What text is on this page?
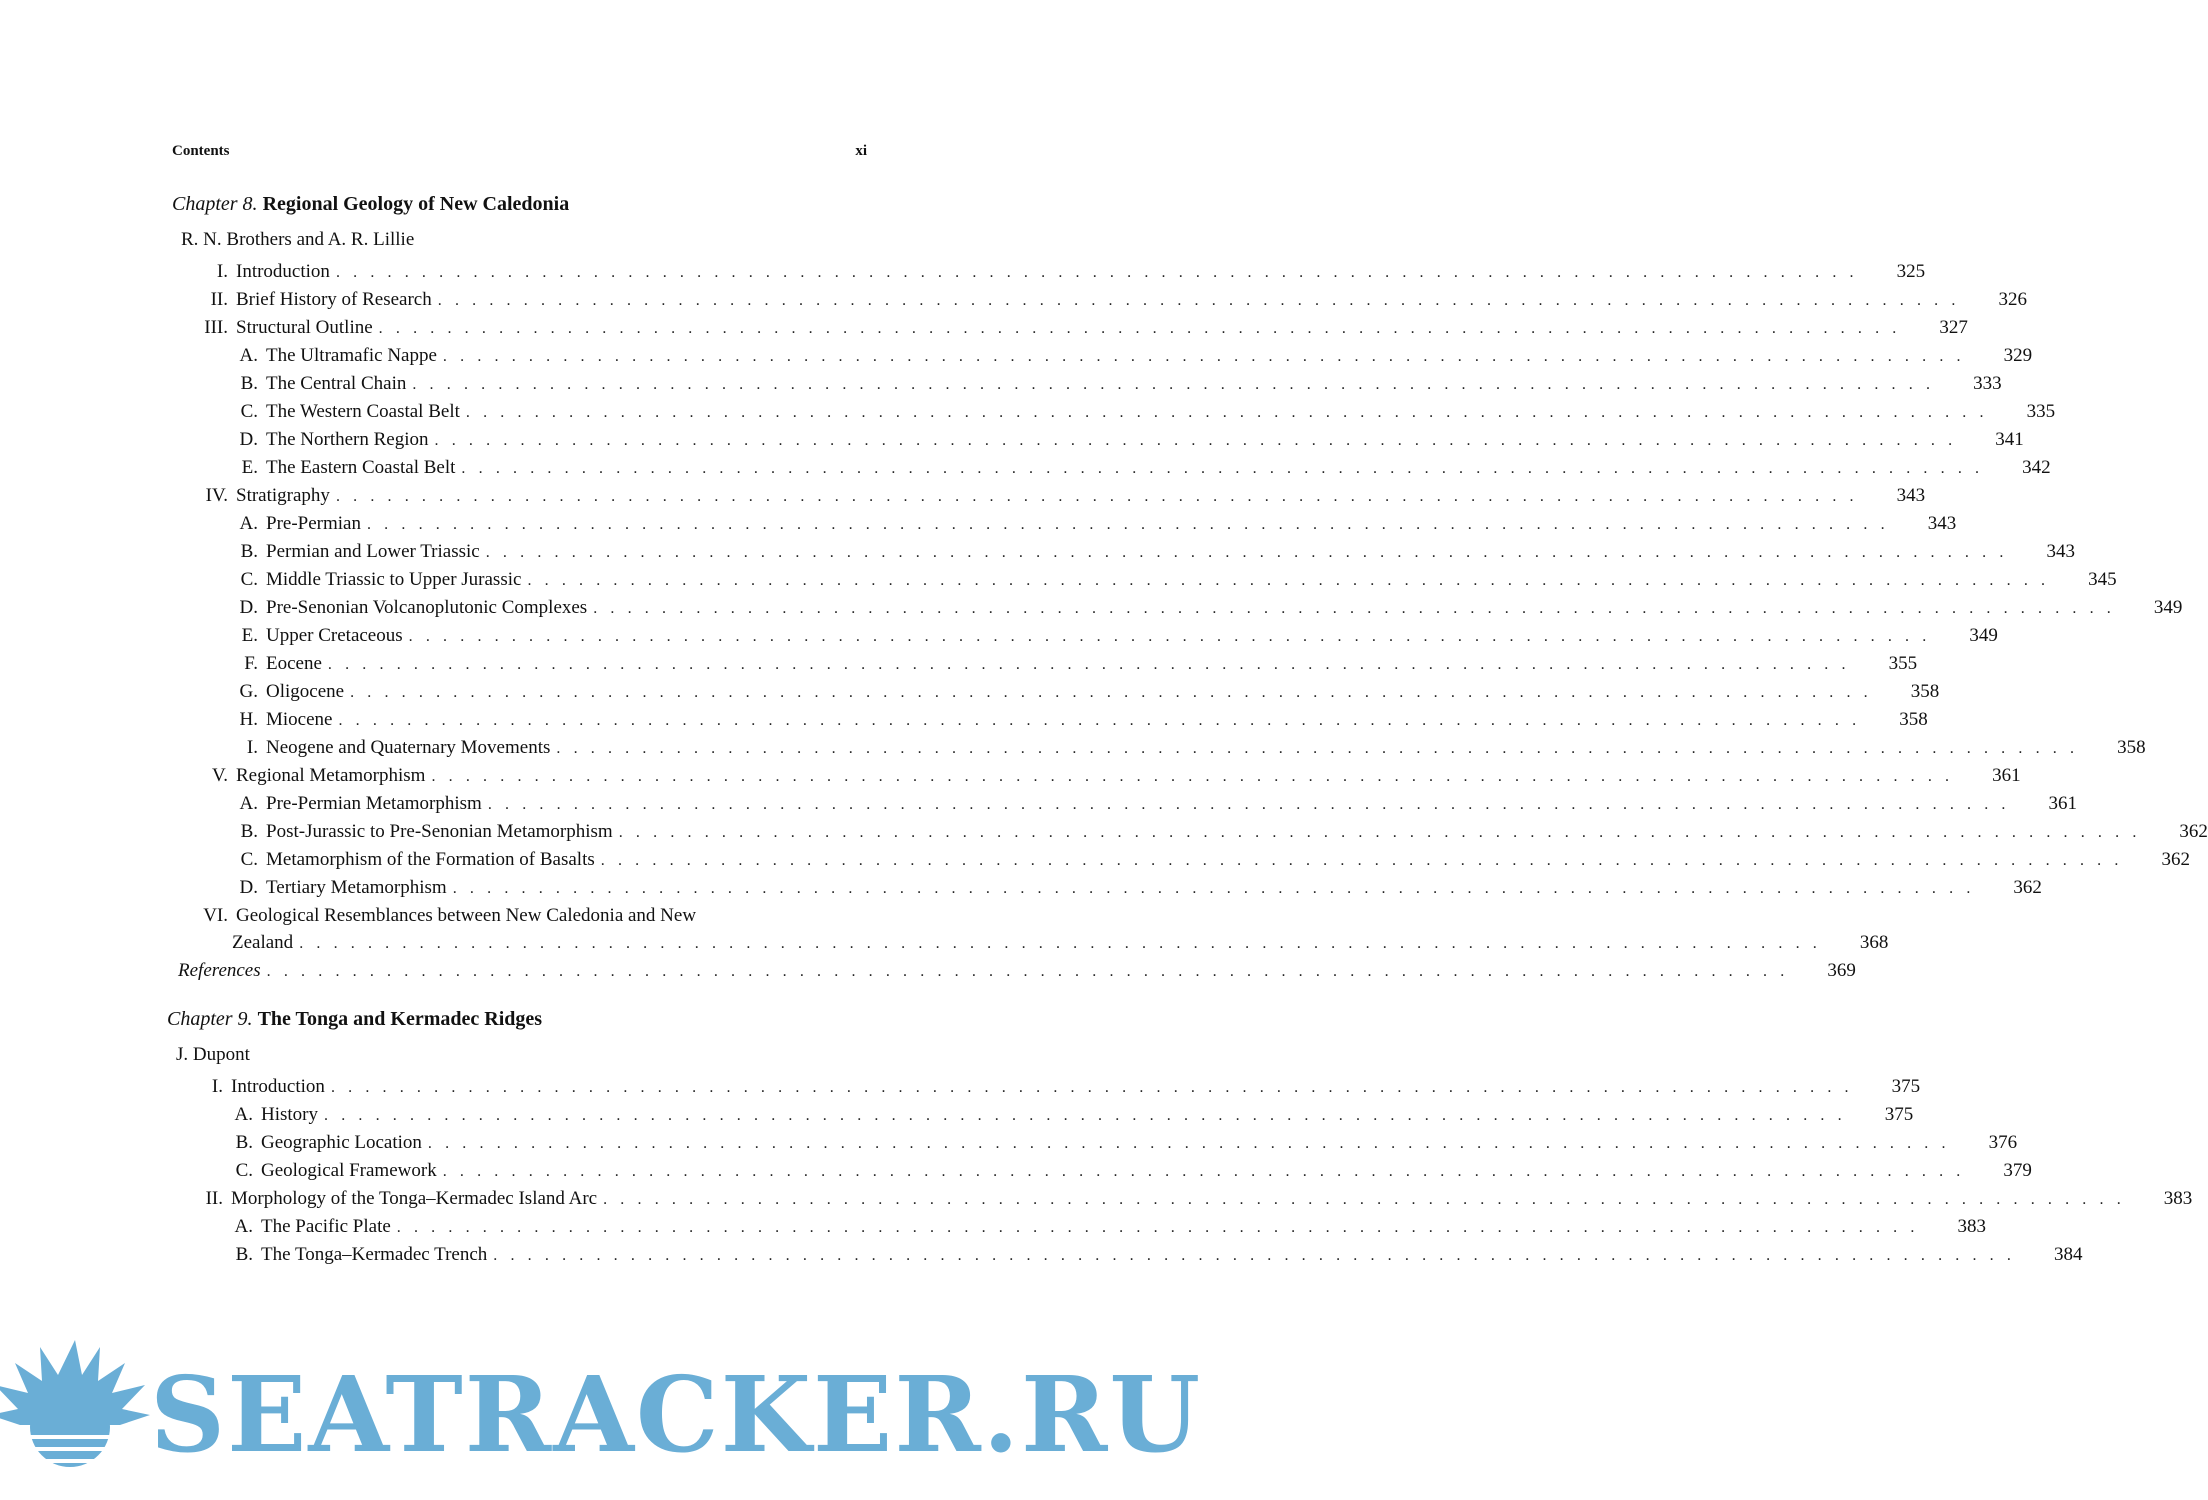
Contents	xi
Chapter 8. Regional Geology of New Caledonia
R. N. Brothers and A. R. Lillie
I. Introduction . . .	325
II. Brief History of Research . . .	326
III. Structural Outline . . .	327
A. The Ultramafic Nappe . . .	329
B. The Central Chain . . .	333
C. The Western Coastal Belt . . .	335
D. The Northern Region . . .	341
E. The Eastern Coastal Belt . . .	342
IV. Stratigraphy . . .	343
A. Pre-Permian . . .	343
B. Permian and Lower Triassic . . .	343
C. Middle Triassic to Upper Jurassic . . .	345
D. Pre-Senonian Volcanoplutonic Complexes . . .	349
E. Upper Cretaceous . . .	349
F. Eocene . . .	355
G. Oligocene . . .	358
H. Miocene . . .	358
I. Neogene and Quaternary Movements . . .	358
V. Regional Metamorphism . . .	361
A. Pre-Permian Metamorphism . . .	361
B. Post-Jurassic to Pre-Senonian Metamorphism . . .	362
C. Metamorphism of the Formation of Basalts . . .	362
D. Tertiary Metamorphism . . .	362
VI. Geological Resemblances between New Caledonia and New
Zealand . . .	368
References . . .	369
Chapter 9. The Tonga and Kermadec Ridges
J. Dupont
I. Introduction . . .	375
A. History . . .	375
B. Geographic Location . . .	376
C. Geological Framework . . .	379
II. Morphology of the Tonga–Kermadec Island Arc . . .	383
A. The Pacific Plate . . .	383
B. The Tonga–Kermadec Trench . . .	384
SEATRACKER.RU
